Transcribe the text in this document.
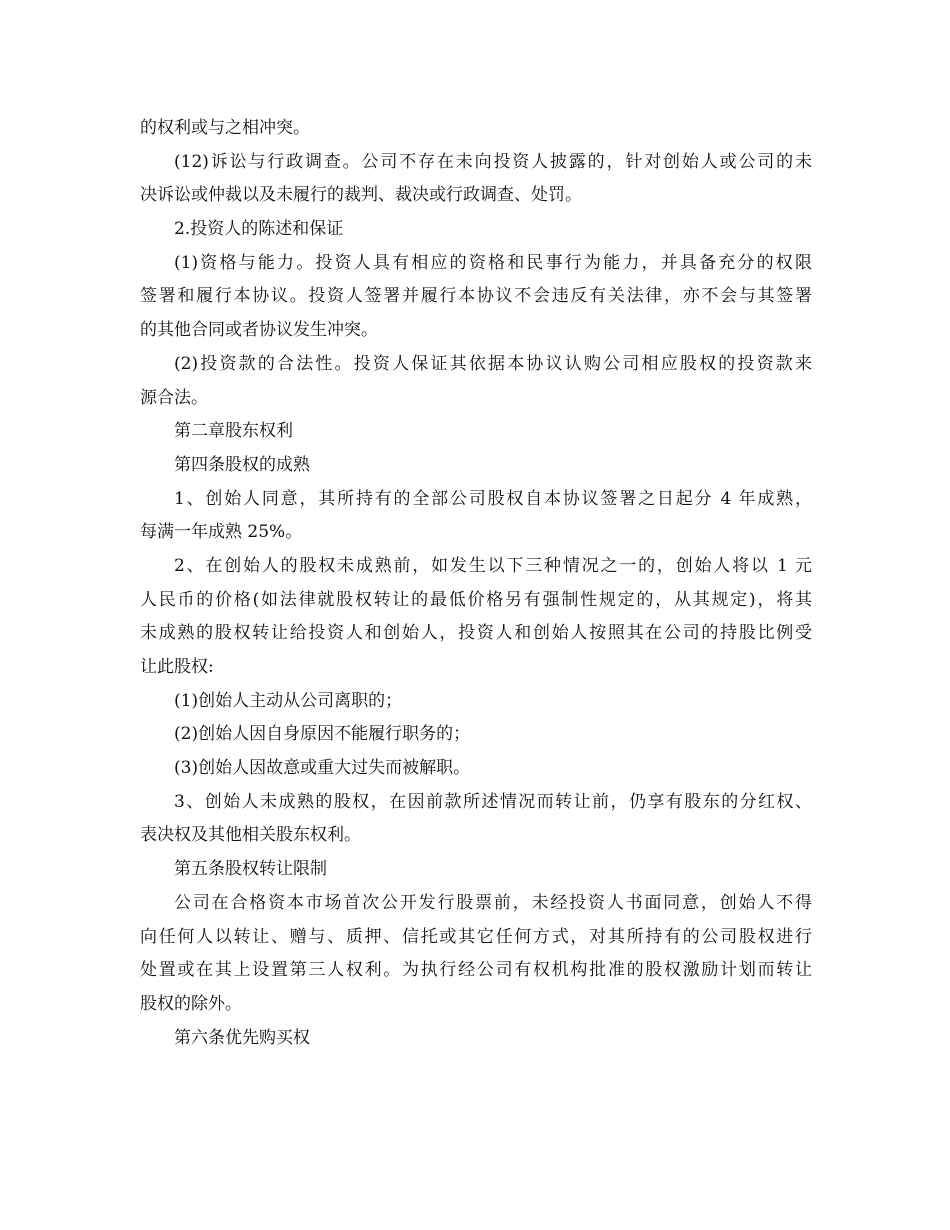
的权利或与之相冲突。
(12)诉讼与行政调查。公司不存在未向投资人披露的，针对创始人或公司的未
决诉讼或仲裁以及未履行的裁判、裁决或行政调查、处罚。
2.投资人的陈述和保证
(1)资格与能力。投资人具有相应的资格和民事行为能力，并具备充分的权限
签署和履行本协议。投资人签署并履行本协议不会违反有关法律，亦不会与其签署
的其他合同或者协议发生冲突。
(2)投资款的合法性。投资人保证其依据本协议认购公司相应股权的投资款来
源合法。
第二章股东权利
第四条股权的成熟
1、创始人同意，其所持有的全部公司股权自本协议签署之日起分 4 年成熟，
每满一年成熟 25%。
2、在创始人的股权未成熟前，如发生以下三种情况之一的，创始人将以 1 元
人民币的价格(如法律就股权转让的最低价格另有强制性规定的，从其规定)，将其
未成熟的股权转让给投资人和创始人，投资人和创始人按照其在公司的持股比例受
让此股权:
(1)创始人主动从公司离职的；
(2)创始人因自身原因不能履行职务的；
(3)创始人因故意或重大过失而被解职。
3、创始人未成熟的股权，在因前款所述情况而转让前，仍享有股东的分红权、
表决权及其他相关股东权利。
第五条股权转让限制
公司在合格资本市场首次公开发行股票前，未经投资人书面同意，创始人不得
向任何人以转让、赠与、质押、信托或其它任何方式，对其所持有的公司股权进行
处置或在其上设置第三人权利。为执行经公司有权机构批准的股权激励计划而转让
股权的除外。
第六条优先购买权
